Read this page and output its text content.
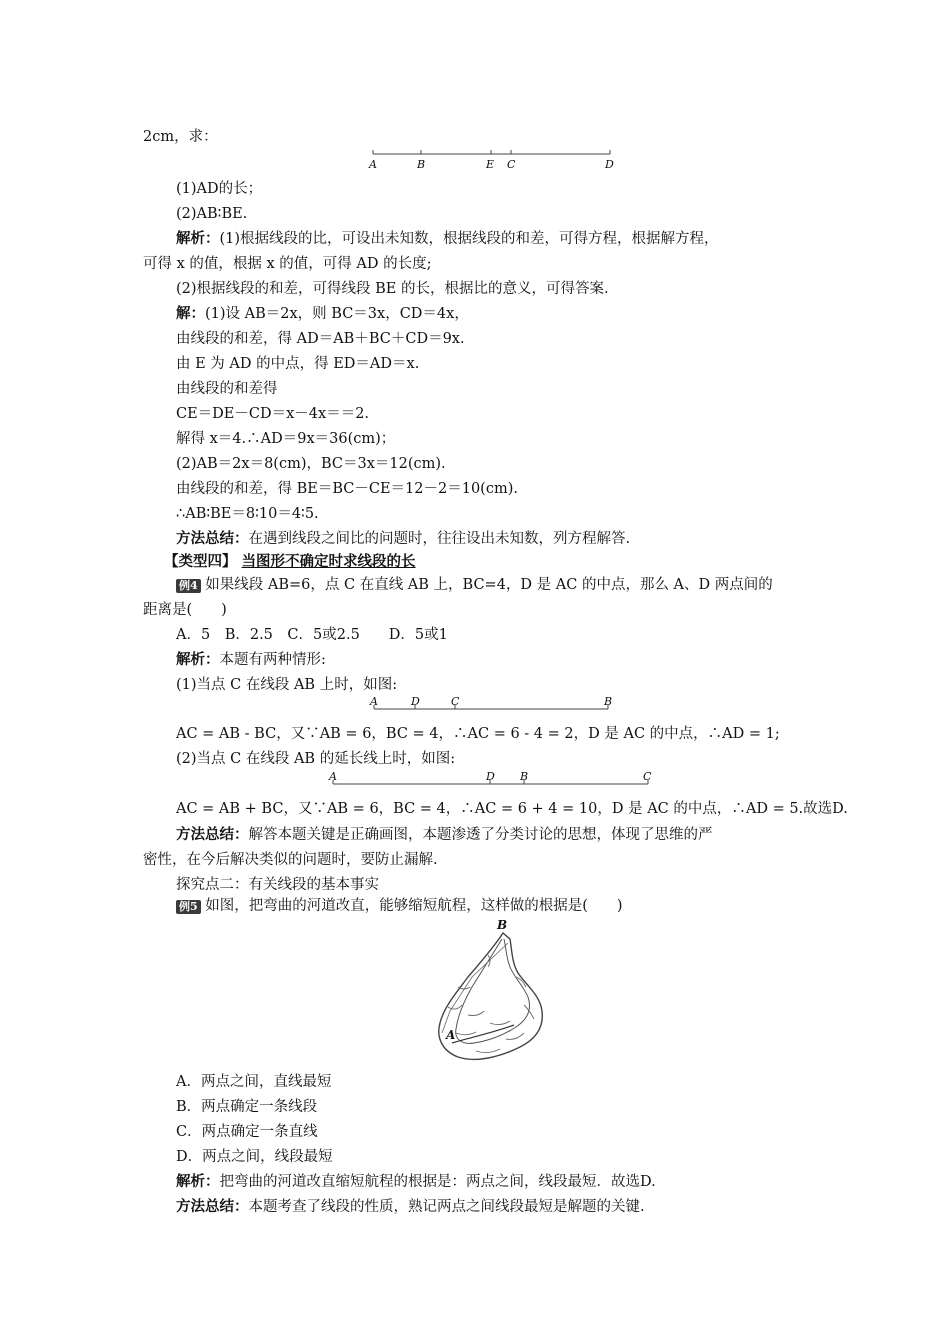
2cm，求：
A	B	E C	D
(1)AD的长；
(2)AB∶BE.
解析：(1)根据线段的比，可设出未知数，根据线段的和差，可得方程，根据解方程，
可得 x 的值，根据 x 的值，可得 AD 的长度;
(2)根据线段的和差，可得线段 BE 的长，根据比的意义，可得答案.
解：(1)设 AB＝2x，则 BC＝3x，CD＝4x，
由线段的和差，得 AD＝AB＋BC＋CD＝9x.
由 E 为 AD 的中点，得 ED＝AD＝x.
由线段的和差得
CE＝DE－CD＝x－4x＝＝2.
解得 x＝4.∴AD＝9x＝36(cm)；
(2)AB＝2x＝8(cm)，BC＝3x＝12(cm).
由线段的和差，得 BE＝BC－CE＝12－2＝10(cm).
∴AB∶BE＝8∶10＝4∶5.
方法总结：在遇到线段之间比的问题时，往往设出未知数，列方程解答.
【类型四】 当图形不确定时求线段的长
例4 如果线段 AB=6，点 C 在直线 AB 上，BC=4，D 是 AC 的中点，那么 A、D 两点间的
距离是(　　)
A．5　B．2.5　C．5或2.5　　D．5或1
解析：本题有两种情形:
(1)当点 C 在线段 AB 上时，如图:
A	D	C	B
AC = AB - BC，又∵AB = 6，BC = 4，∴AC = 6 - 4 = 2，D 是 AC 的中点，∴AD = 1;
(2)当点 C 在线段 AB 的延长线上时，如图:
A	D B	C
AC = AB + BC，又∵AB = 6，BC = 4，∴AC = 6 + 4 = 10，D 是 AC 的中点，∴AD = 5.故选D.
方法总结：解答本题关键是正确画图，本题渗透了分类讨论的思想，体现了思维的严
密性，在今后解决类似的问题时，要防止漏解.
探究点二：有关线段的基本事实
例5 如图，把弯曲的河道改直，能够缩短航程，这样做的根据是(　　)
B
A
A．两点之间，直线最短
B．两点确定一条线段
C．两点确定一条直线
D．两点之间，线段最短
解析：把弯曲的河道改直缩短航程的根据是：两点之间，线段最短．故选D.
方法总结：本题考查了线段的性质，熟记两点之间线段最短是解题的关键.
